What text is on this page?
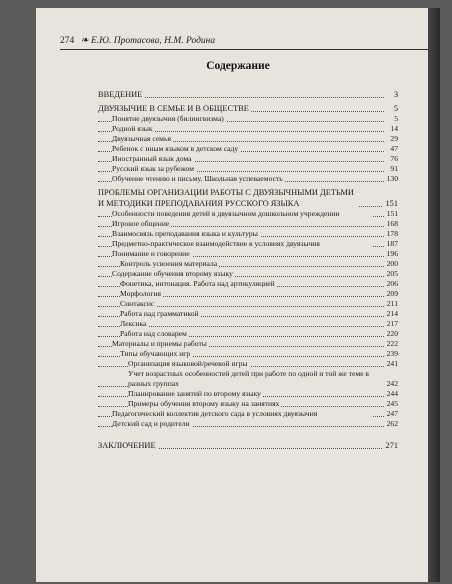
274 ❧ Е.Ю. Протасова, Н.М. Родина
Содержание
ВВЕДЕНИЕ	3
ДВУЯЗЫЧИЕ В СЕМЬЕ И В ОБЩЕСТВЕ	5
Понятие двуязычия (билингвизма)	5
Родной язык	14
Двуязычная семья	29
Ребенок с иным языком в детском саду	47
Иностранный язык дома	76
Русский язык за рубежом	91
Обучение чтению и письму. Школьная успеваемость	130
ПРОБЛЕМЫ ОРГАНИЗАЦИИ РАБОТЫ С ДВУЯЗЫЧНЫМИ ДЕТЬМИ И МЕТОДИКИ ПРЕПОДАВАНИЯ РУССКОГО ЯЗЫКА	151
Особенности поведения детей в двуязычном дошкольном учреждении	151
Игровое общение	168
Взаимосвязь преподавания языка и культуры	178
Предметно-практическое взаимодействие в условиях двуязычия	187
Понимание и говорение	196
Контроль усвоения материала	200
Содержание обучения второму языку	205
Фонетика, интонация. Работа над артикуляцией	206
Морфология	209
Синтаксис	211
Работа над грамматикой	214
Лексика	217
Работа над словарем	220
Материалы и приемы работы	222
Типы обучающих игр	239
Организация языковой/речевой игры	241
Учет возрастных особенностей детей при работе по одной и той же теме в разных группах	242
Планирование занятий по второму языку	244
Примеры обучения второму языку на занятиях	245
Педагогический коллектив детского сада в условиях двуязычия	247
Детский сад и родители	262
ЗАКЛЮЧЕНИЕ	271
